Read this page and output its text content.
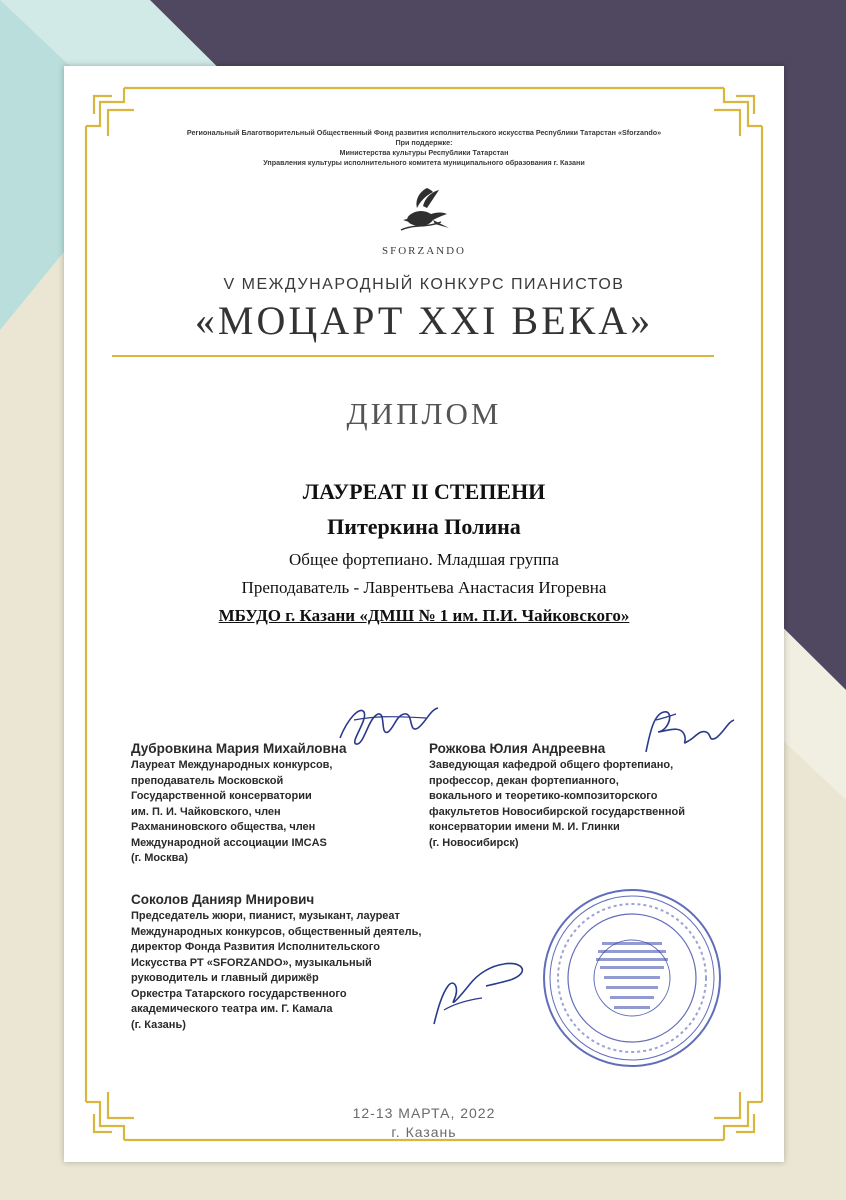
Региональный Благотворительный Общественный Фонд развития исполнительского искусства Республики Татарстан «Sforzando»
При поддержке:
Министерства культуры Республики Татарстан
Управления культуры исполнительного комитета муниципального образования г. Казани
SFORZANDO
V МЕЖДУНАРОДНЫЙ КОНКУРС ПИАНИСТОВ
«МОЦАРТ XXI ВЕКА»
ДИПЛОМ
ЛАУРЕАТ II СТЕПЕНИ
Питеркина Полина
Общее фортепиано. Младшая группа
Преподаватель - Лаврентьева Анастасия Игоревна
МБУДО г. Казани «ДМШ № 1 им. П.И. Чайковского»
Дубровкина Мария Михайловна
Лауреат Международных конкурсов,
преподаватель Московской
Государственной консерватории
им. П. И. Чайковского, член
Рахманиновского общества, член
Международной ассоциации IMCAS
(г. Москва)
Рожкова Юлия Андреевна
Заведующая кафедрой общего фортепиано,
профессор, декан фортепианного,
вокального и теоретико-композиторского
факультетов Новосибирской государственной
консерватории имени М. И. Глинки
(г. Новосибирск)
Соколов Данияр Мнирович
Председатель жюри, пианист, музыкант, лауреат
Международных конкурсов, общественный деятель,
директор Фонда Развития Исполнительского
Искусства РТ «SFORZANDO», музыкальный
руководитель и главный дирижёр
Оркестра Татарского государственного
академического театра им. Г. Камала
(г. Казань)
12-13 МАРТА, 2022
г. Казань
